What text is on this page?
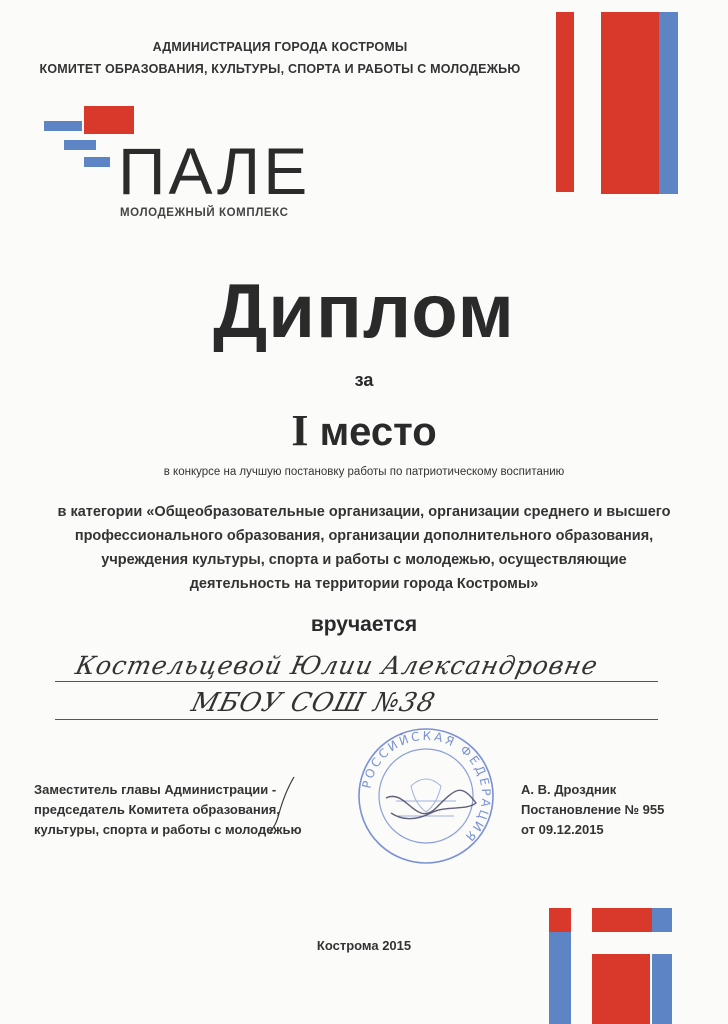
АДМИНИСТРАЦИЯ ГОРОДА КОСТРОМЫ
КОМИТЕТ ОБРАЗОВАНИЯ, КУЛЬТУРЫ, СПОРТА И РАБОТЫ С МОЛОДЕЖЬЮ
ПАЛЕ
МОЛОДЕЖНЫЙ КОМПЛЕКС
Диплом
за
I место
в конкурсе на лучшую постановку работы по патриотическому воспитанию
в категории «Общеобразовательные организации, организации среднего и высшего
профессионального образования, организации дополнительного образования,
учреждения культуры, спорта и работы с молодежью, осуществляющие
деятельность на территории города Костромы»
вручается
Костельцевой Юлии Александровне
МБОУ СОШ №38
Заместитель главы Администрации -
председатель Комитета образования,
культуры, спорта и работы с молодежью
РОССИЙСКАЯ ФЕДЕРАЦИЯ
А. В. Дроздник
Постановление № 955
от 09.12.2015
Кострома 2015
